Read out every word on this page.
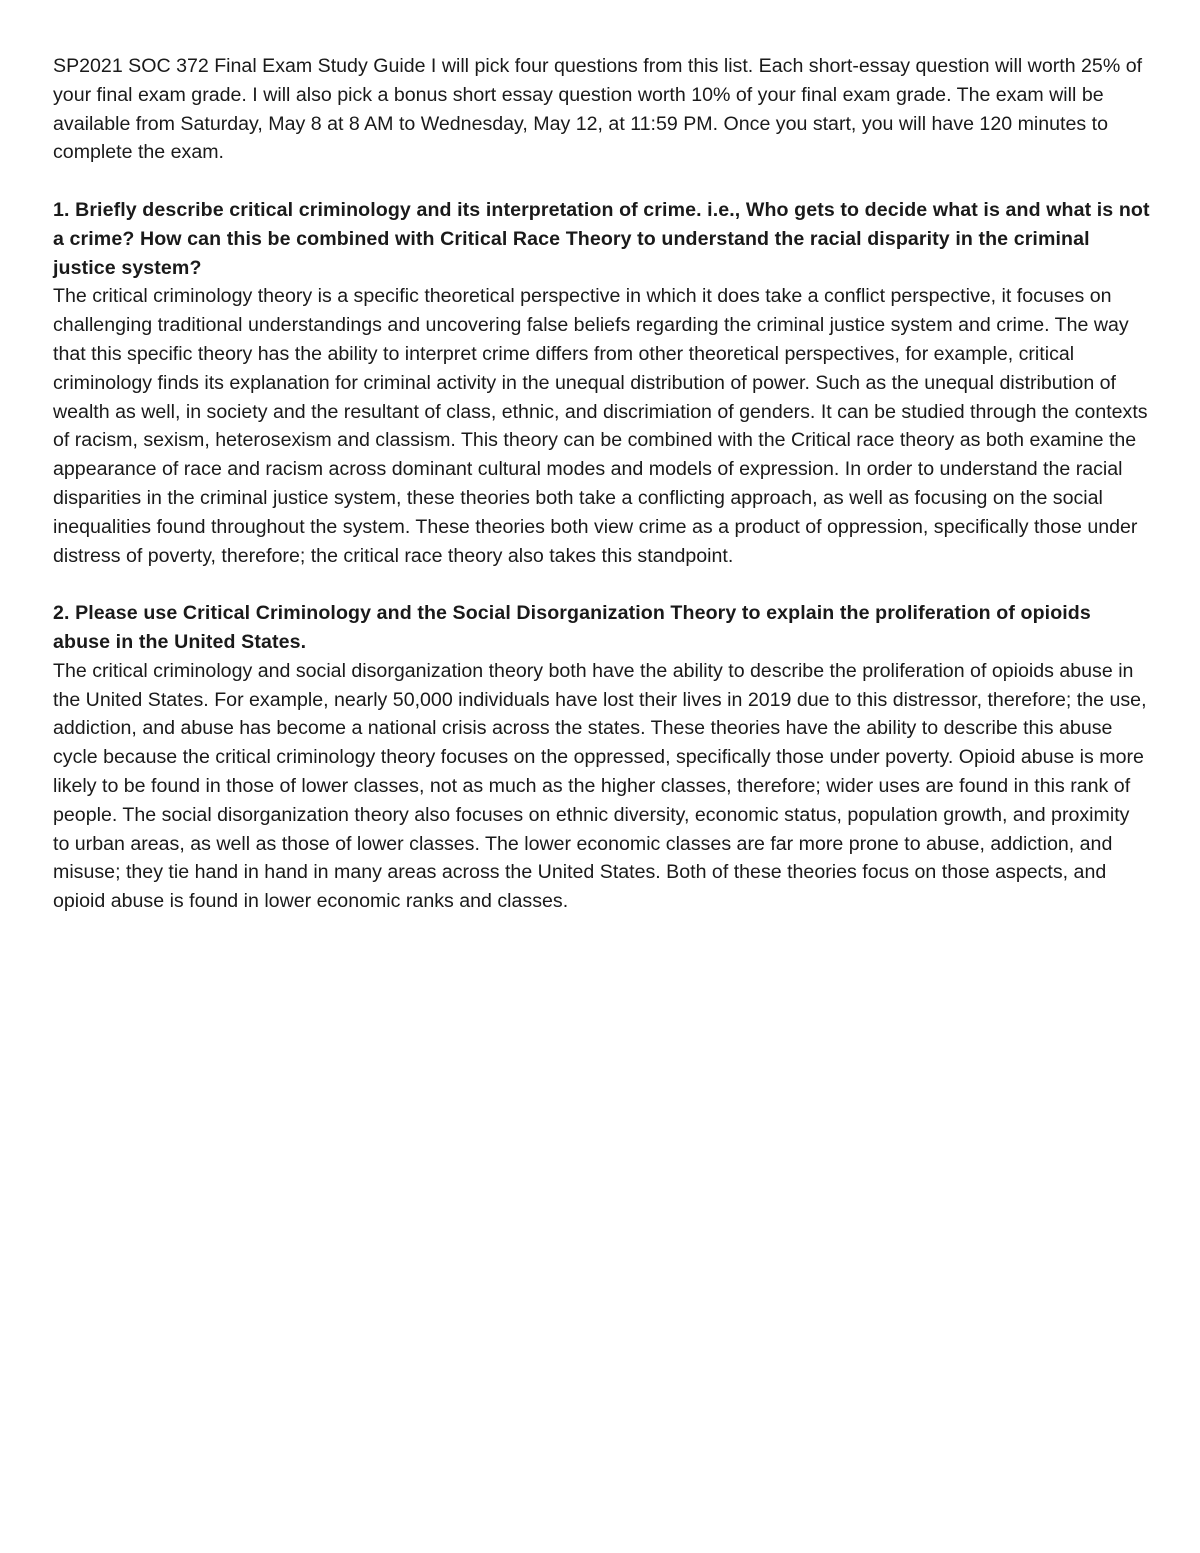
SP2021 SOC 372 Final Exam Study Guide I will pick four questions from this list. Each short-essay question will worth 25% of your final exam grade. I will also pick a bonus short essay question worth 10% of your final exam grade. The exam will be available from Saturday, May 8 at 8 AM to Wednesday, May 12, at 11:59 PM. Once you start, you will have 120 minutes to complete the exam.

1. Briefly describe critical criminology and its interpretation of crime. i.e., Who gets to decide what is and what is not a crime? How can this be combined with Critical Race Theory to understand the racial disparity in the criminal justice system?

The critical criminology theory is a specific theoretical perspective in which it does take a conflict perspective, it focuses on challenging traditional understandings and uncovering false beliefs regarding the criminal justice system and crime. The way that this specific theory has the ability to interpret crime differs from other theoretical perspectives, for example, critical criminology finds its explanation for criminal activity in the unequal distribution of power. Such as the unequal distribution of wealth as well, in society and the resultant of class, ethnic, and discrimiation of genders. It can be studied through the contexts of racism, sexism, heterosexism and classism. This theory can be combined with the Critical race theory as both examine the appearance of race and racism across dominant cultural modes and models of expression. In order to understand the racial disparities in the criminal justice system, these theories both take a conflicting approach, as well as focusing on the social inequalities found throughout the system. These theories both view crime as a product of oppression, specifically those under distress of poverty, therefore; the critical race theory also takes this standpoint.

2. Please use Critical Criminology and the Social Disorganization Theory to explain the proliferation of opioids abuse in the United States.

The critical criminology and social disorganization theory both have the ability to describe the proliferation of opioids abuse in the United States. For example, nearly 50,000 individuals have lost their lives in 2019 due to this distressor, therefore; the use, addiction, and abuse has become a national crisis across the states. These theories have the ability to describe this abuse cycle because the critical criminology theory focuses on the oppressed, specifically those under poverty. Opioid abuse is more likely to be found in those of lower classes, not as much as the higher classes, therefore; wider uses are found in this rank of people. The social disorganization theory also focuses on ethnic diversity, economic status, population growth, and proximity to urban areas, as well as those of lower classes. The lower economic classes are far more prone to abuse, addiction, and misuse; they tie hand in hand in many areas across the United States. Both of these theories focus on those aspects, and opioid abuse is found in lower economic ranks and classes.
